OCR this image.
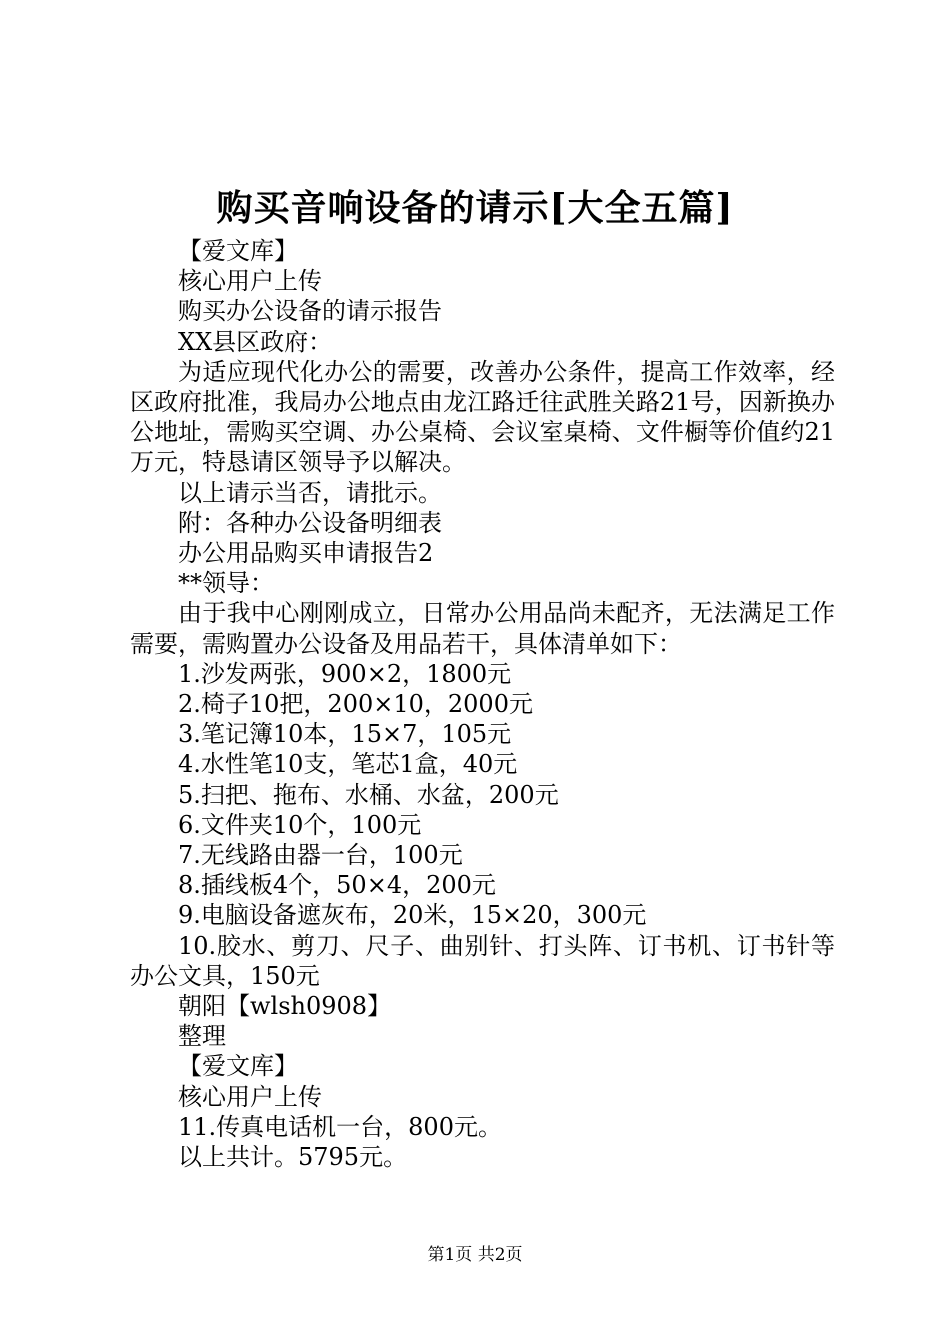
购买音响设备的请示[大全五篇]

【爱文库】

核心用户上传

购买办公设备的请示报告

XX县区政府：

为适应现代化办公的需要，改善办公条件，提高工作效率，经区政府批准，我局办公地点由龙江路迁往武胜关路21号，因新换办公地址，需购买空调、办公桌椅、会议室桌椅、文件橱等价值约21万元，特恳请区领导予以解决。

以上请示当否，请批示。

附：各种办公设备明细表

办公用品购买申请报告2

**领导：

由于我中心刚刚成立，日常办公用品尚未配齐，无法满足工作需要，需购置办公设备及用品若干，具体清单如下：

1.沙发两张，900×2，1800元

2.椅子10把，200×10，2000元

3.笔记簿10本，15×7，105元

4.水性笔10支，笔芯1盒，40元

5.扫把、拖布、水桶、水盆，200元

6.文件夹10个，100元

7.无线路由器一台，100元

8.插线板4个，50×4，200元

9.电脑设备遮灰布，20米，15×20，300元

10.胶水、剪刀、尺子、曲别针、打头阵、订书机、订书针等办公文具，150元

朝阳【wlsh0908】

整理

【爱文库】

核心用户上传

11.传真电话机一台，800元。

以上共计。5795元。

第1页 共2页
